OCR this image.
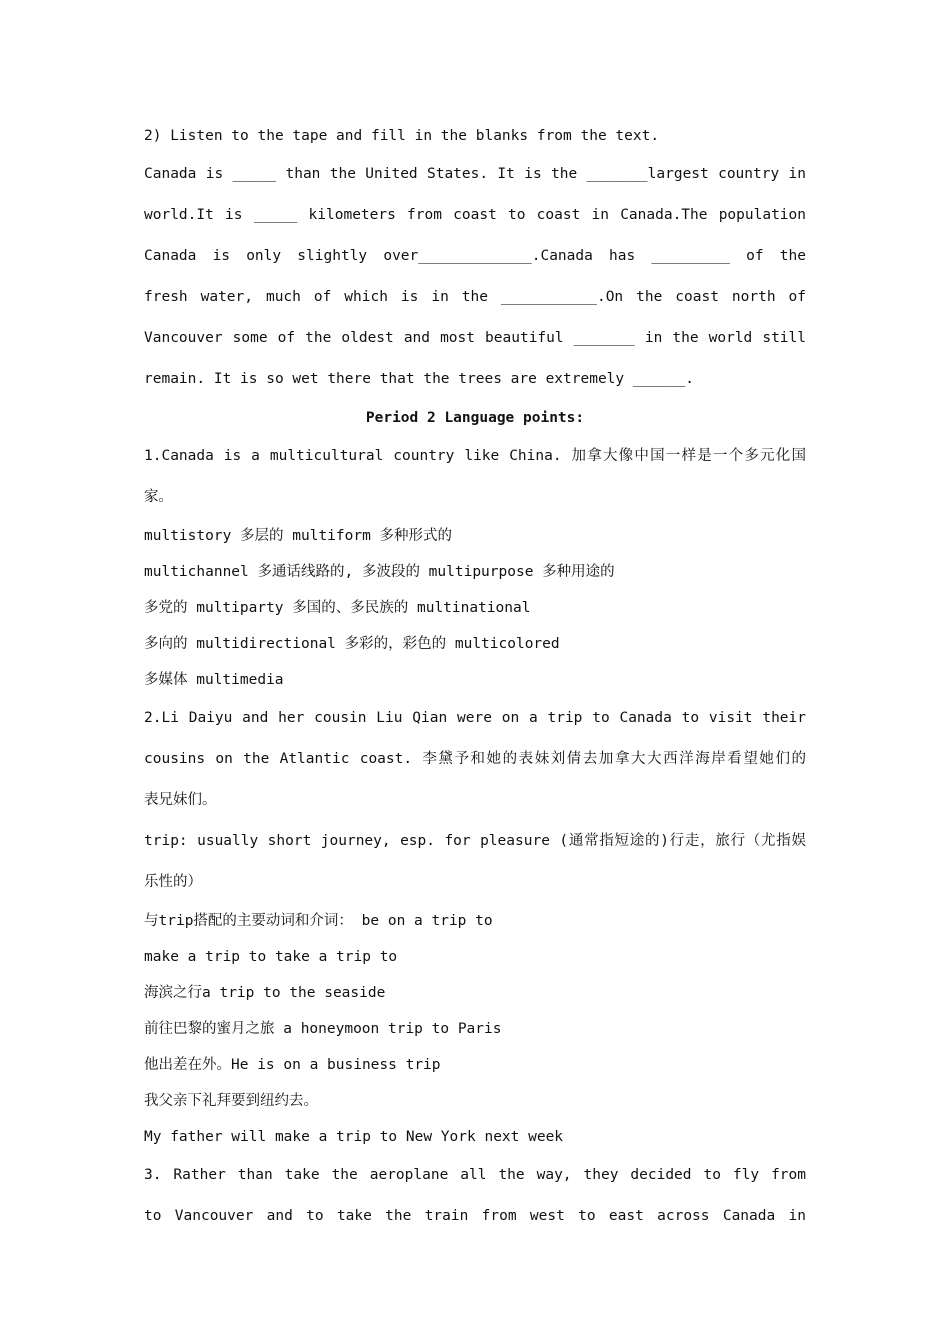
2) Listen to the tape and fill in the blanks from the text.
Canada is _____ than the United States. It is the _______largest country in
world.It is _____ kilometers from coast to coast in Canada.The population
Canada is only slightly over_____________.Canada has _________ of the
fresh water, much of which is in the ___________.On the coast north of
Vancouver some of the oldest and most beautiful _______ in the world still
remain. It is so wet there that the trees are extremely ______.
Period 2 Language points:
1.Canada is a multicultural country like China. 加拿大像中国一样是一个多元化国
家。
multistory 多层的 multiform 多种形式的
multichannel 多通话线路的, 多波段的 multipurpose 多种用途的
多党的 multiparty 多国的、多民族的 multinational
多向的 multidirectional 多彩的，彩色的 multicolored
多媒体 multimedia
2.Li Daiyu and her cousin Liu Qian were on a trip to Canada to visit their
cousins on the Atlantic coast. 李黛予和她的表妹刘倩去加拿大大西洋海岸看望她们的
表兄妹们。
trip: usually short journey, esp. for pleasure (通常指短途的)行走，旅行（尤指娱
乐性的）
与trip搭配的主要动词和介词： be on a trip to
make a trip to take a trip to
海滨之行a trip to the seaside
前往巴黎的蜜月之旅 a honeymoon trip to Paris
他出差在外。He is on a business trip
我父亲下礼拜要到纽约去。
My father will make a trip to New York next week
3. Rather than take the aeroplane all the way, they decided to fly from
to Vancouver and to take the train from west to east across Canada in
